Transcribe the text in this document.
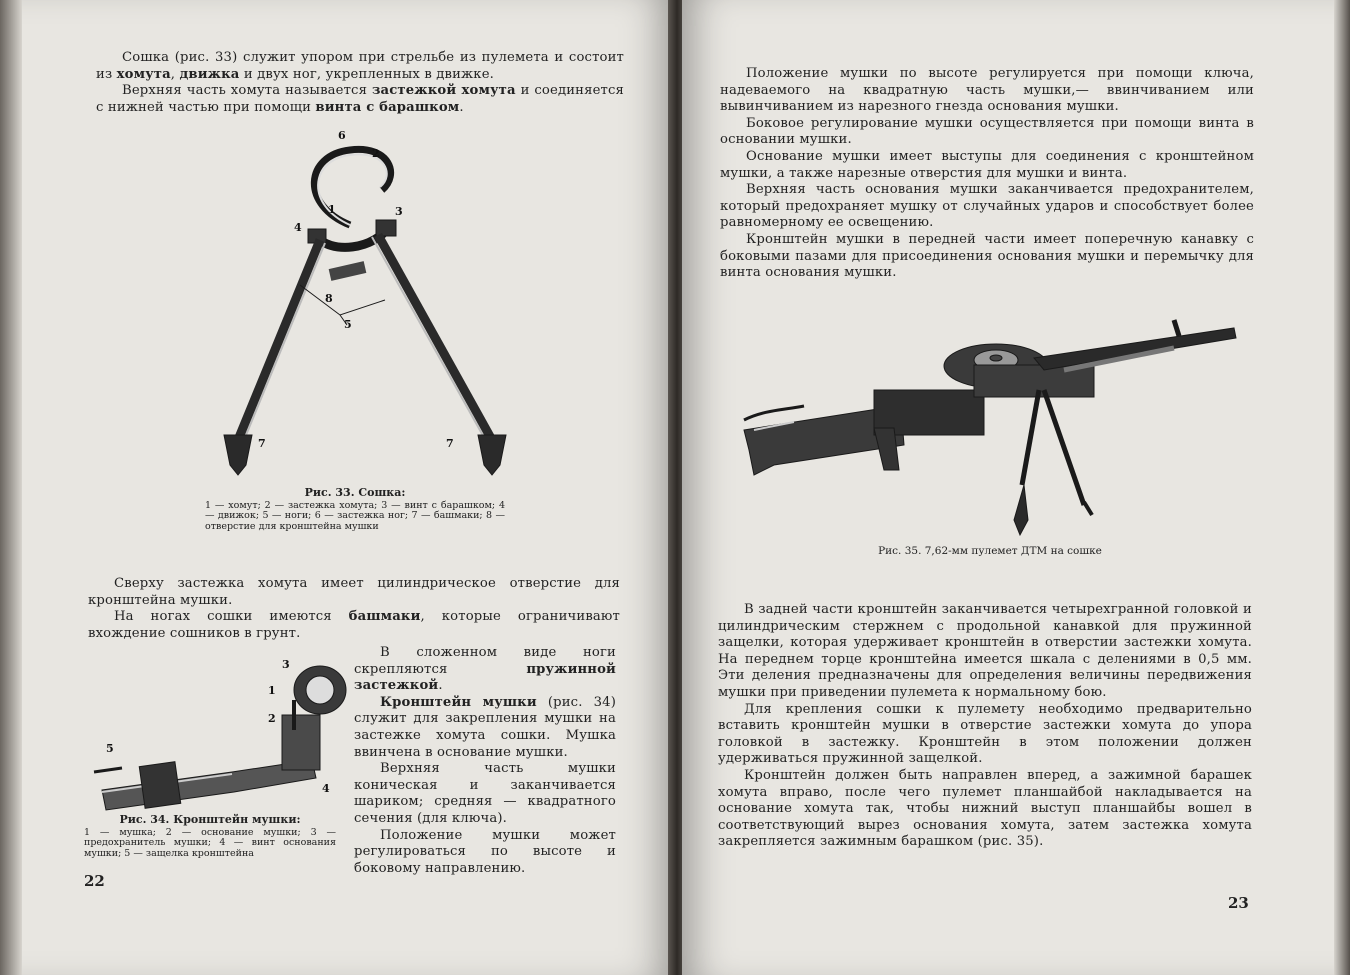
Сошка (рис. 33) служит упором при стрельбе из пулемета и состоит из хомута, движка и двух ног, укрепленных в движке.

Верхняя часть хомута называется застежкой хомута и соединяется с нижней частью при помощи винта с барашком.

6
2
1	3
4
8
5
7	7
Рис. 33. Сошка:
1 — хомут; 2 — застежка хомута; 3 — винт с барашком; 4 — движок; 5 — ноги; 6 — застежка ног; 7 — башмаки; 8 — отверстие для кронштейна мушки

Сверху застежка хомута имеет цилиндрическое отверстие для кронштейна мушки.

На ногах сошки имеются башмаки, которые ограничивают вхождение сошников в грунт.

3
1
2
5
4
Рис. 34. Кронштейн мушки:
1 — мушка; 2 — основание мушки; 3 — предохранитель мушки; 4 — винт основания мушки; 5 — защелка кронштейна

В сложенном виде ноги скрепляются пружинной застежкой.

Кронштейн мушки (рис. 34) служит для закрепления мушки на застежке хомута сошки. Мушка ввинчена в основание мушки.

Верхняя часть мушки коническая и заканчивается шариком; средняя — квадратного сечения (для ключа).

Положение мушки может регулироваться по высоте и боковому направлению.

22

Положение мушки по высоте регулируется при помощи ключа, надеваемого на квадратную часть мушки,— ввинчиванием или вывинчиванием из нарезного гнезда основания мушки.

Боковое регулирование мушки осуществляется при помощи винта в основании мушки.

Основание мушки имеет выступы для соединения с кронштейном мушки, а также нарезные отверстия для мушки и винта.

Верхняя часть основания мушки заканчивается предохранителем, который предохраняет мушку от случайных ударов и способствует более равномерному ее освещению.

Кронштейн мушки в передней части имеет поперечную канавку с боковыми пазами для присоединения основания мушки и перемычку для винта основания мушки.

Рис. 35. 7,62-мм пулемет ДТМ на сошке

В задней части кронштейн заканчивается четырехгранной головкой и цилиндрическим стержнем с продольной канавкой для пружинной защелки, которая удерживает кронштейн в отверстии застежки хомута. На переднем торце кронштейна имеется шкала с делениями в 0,5 мм. Эти деления предназначены для определения величины передвижения мушки при приведении пулемета к нормальному бою.

Для крепления сошки к пулемету необходимо предварительно вставить кронштейн мушки в отверстие застежки хомута до упора головкой в застежку. Кронштейн в этом положении должен удерживаться пружинной защелкой.

Кронштейн должен быть направлен вперед, а зажимной барашек хомута вправо, после чего пулемет планшайбой накладывается на основание хомута так, чтобы нижний выступ планшайбы вошел в соответствующий вырез основания хомута, затем застежка хомута закрепляется зажимным барашком (рис. 35).

23
